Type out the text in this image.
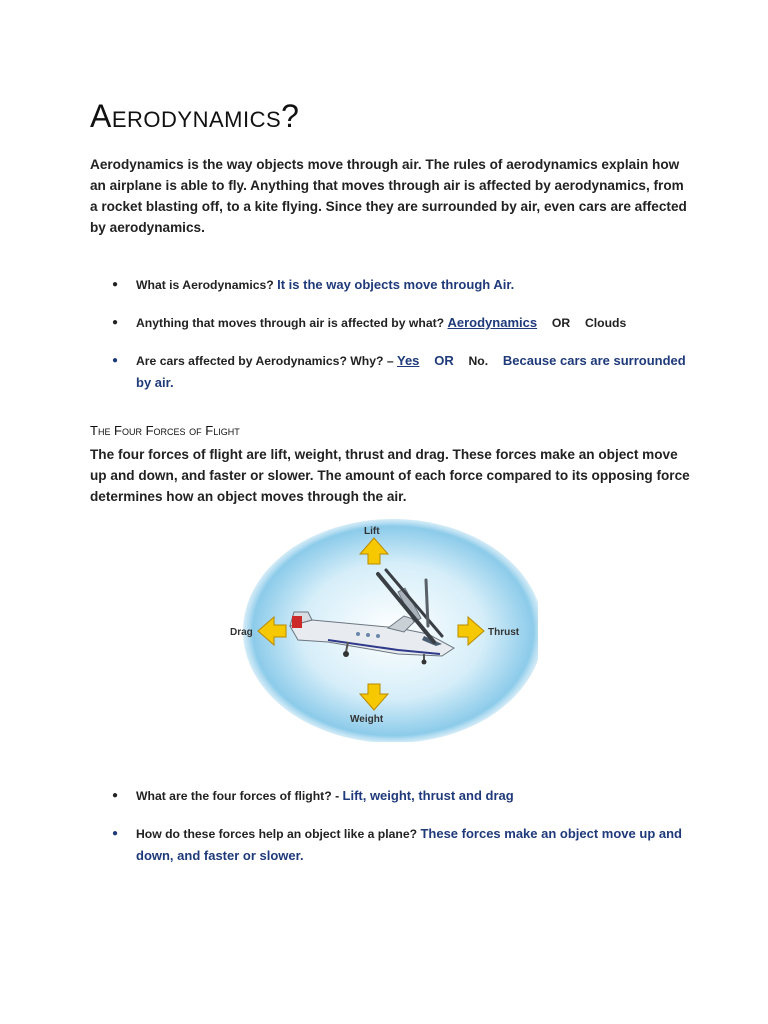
Aerodynamics?
Aerodynamics is the way objects move through air. The rules of aerodynamics explain how an airplane is able to fly. Anything that moves through air is affected by aerodynamics, from a rocket blasting off, to a kite flying. Since they are surrounded by air, even cars are affected by aerodynamics.
● What is Aerodynamics? It is the way objects move through Air.
● Anything that moves through air is affected by what? Aerodynamics OR Clouds
● Are cars affected by Aerodynamics? Why? – Yes OR No. Because cars are surrounded by air.
The Four Forces of Flight
The four forces of flight are lift, weight, thrust and drag. These forces make an object move up and down, and faster or slower. The amount of each force compared to its opposing force determines how an object moves through the air.
Lift
Weight
Drag	Thrust
● What are the four forces of flight? - Lift, weight, thrust and drag
● How do these forces help an object like a plane? These forces make an object move up and down, and faster or slower.
